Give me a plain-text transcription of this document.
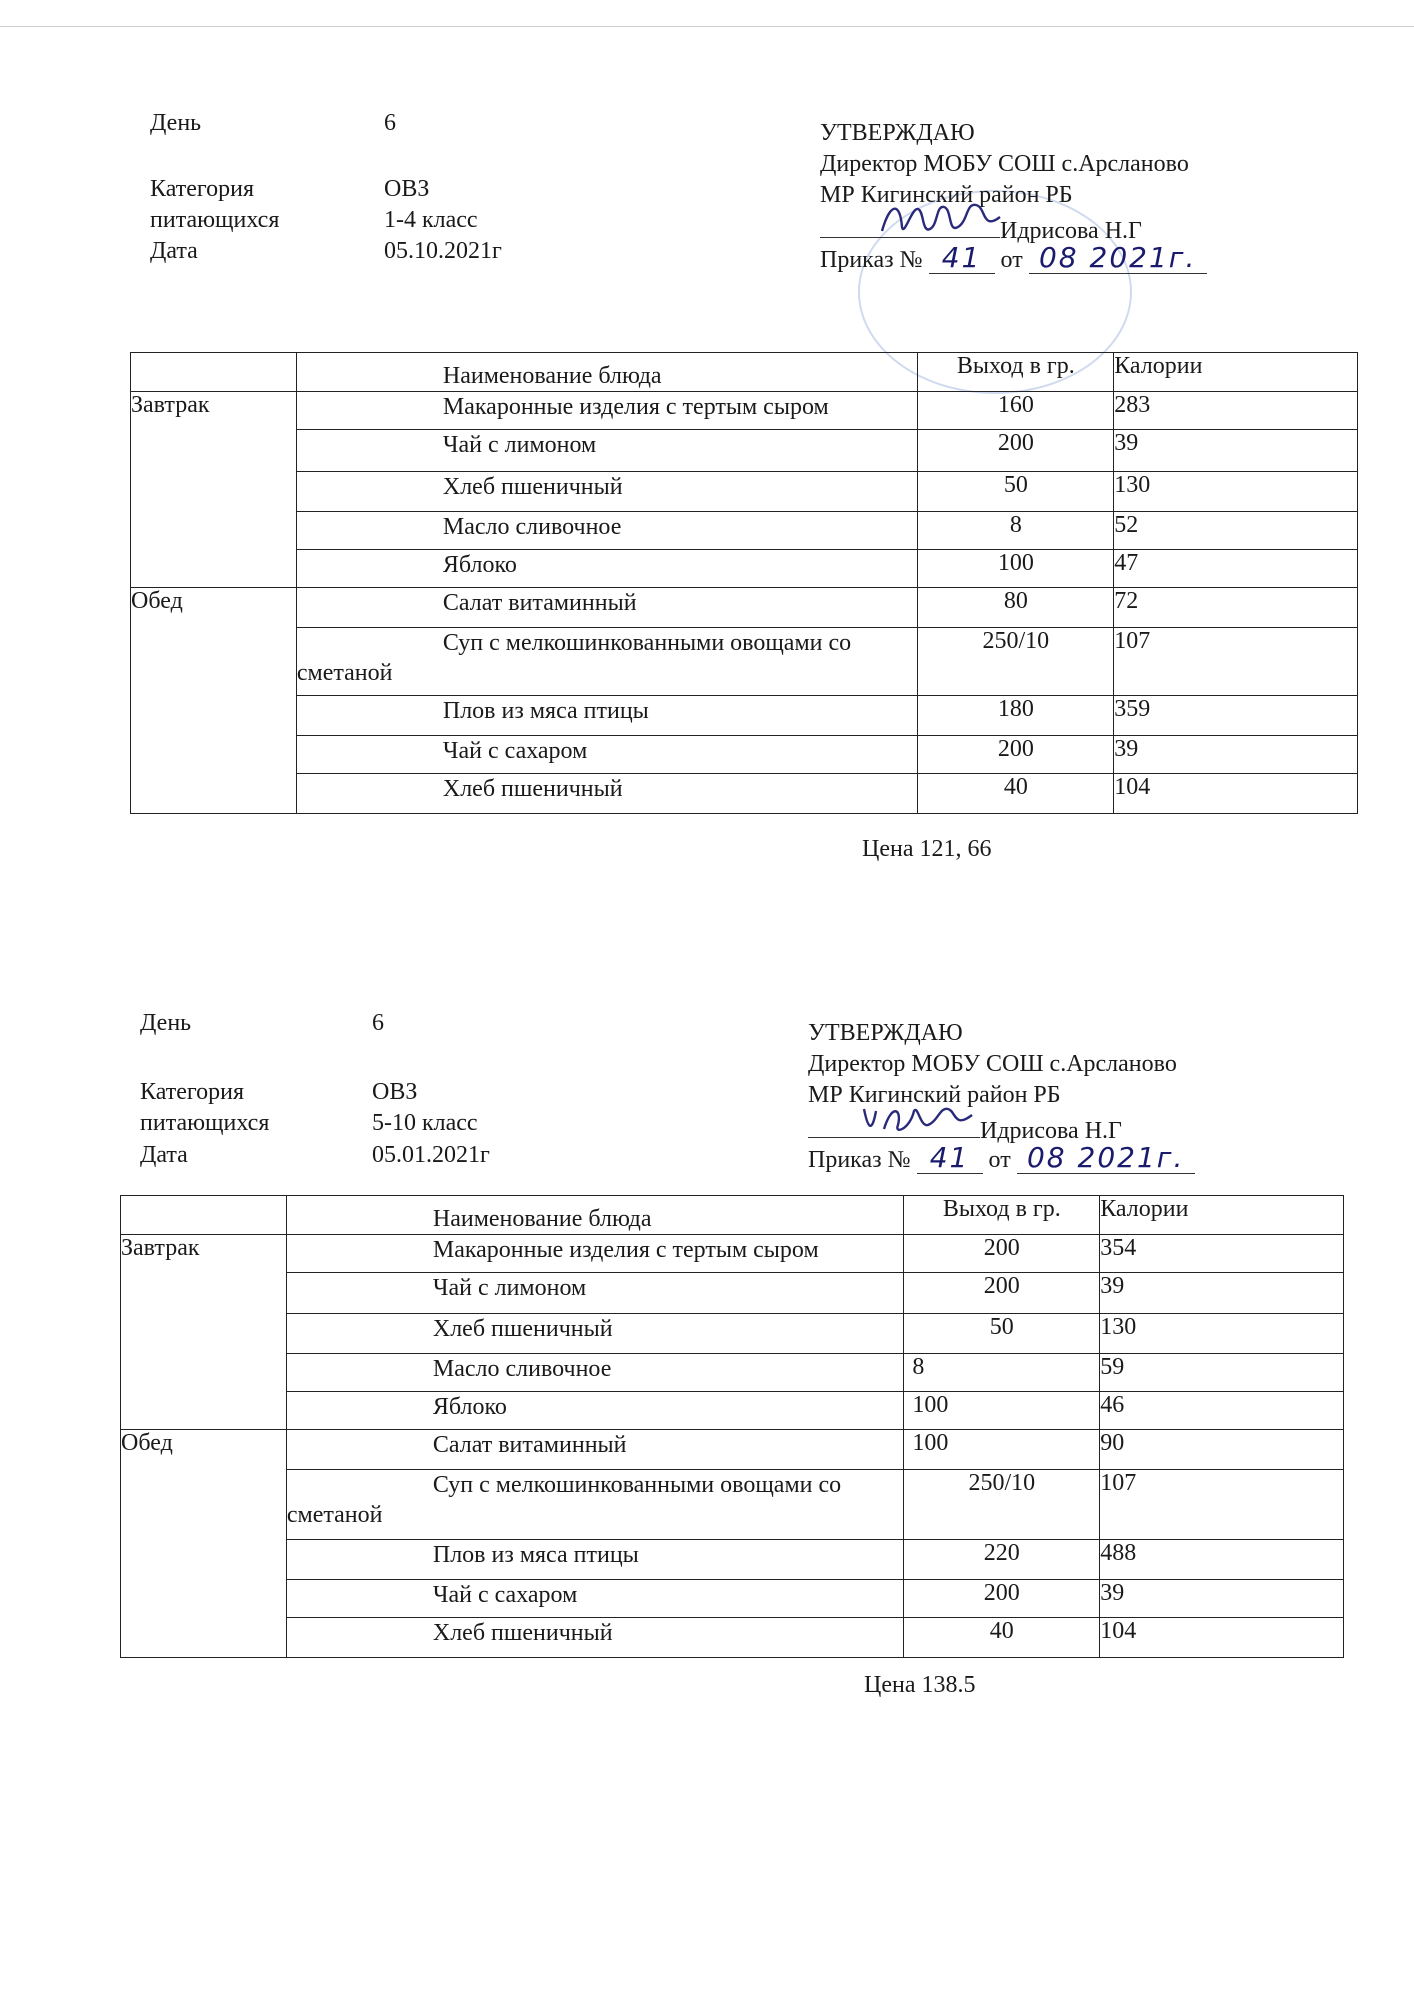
День	6
Категория	ОВЗ
питающихся	1-4 класс
Дата	05.10.2021г
УТВЕРЖДАЮ
Директор МОБУ СОШ с.Арсланово
МР Кигинский район РБ
Идрисова Н.Г
Приказ № 41 от 08 2021г.
	Наименование блюда	Выход в гр.	Калории
Завтрак	Макаронные изделия с тертым сыром	160	283
	Чай с лимоном	200	39
	Хлеб пшеничный	50	130
	Масло сливочное	8	52
	Яблоко	100	47
Обед	Салат витаминный	80	72
	Суп с мелкошинкованными овощами со сметаной	250/10	107
	Плов из мяса птицы	180	359
	Чай с сахаром	200	39
	Хлеб пшеничный	40	104
Цена 121, 66
День	6
Категория	ОВЗ
питающихся	5-10 класс
Дата	05.01.2021г
УТВЕРЖДАЮ
Директор МОБУ СОШ с.Арсланово
МР Кигинский район РБ
Идрисова Н.Г
Приказ № 41 от 08 2021г.
	Наименование блюда	Выход в гр.	Калории
Завтрак	Макаронные изделия с тертым сыром	200	354
	Чай с лимоном	200	39
	Хлеб пшеничный	50	130
	Масло сливочное	8	59
	Яблоко	100	46
Обед	Салат витаминный	100	90
	Суп с мелкошинкованными овощами со сметаной	250/10	107
	Плов из мяса птицы	220	488
	Чай с сахаром	200	39
	Хлеб пшеничный	40	104
Цена 138.5
